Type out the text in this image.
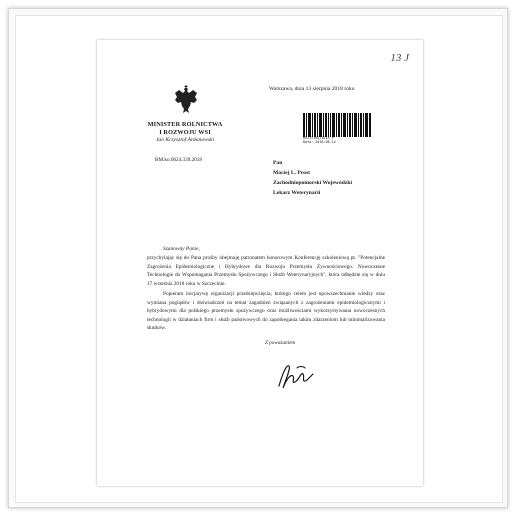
13 J
MINISTER ROLNICTWA
I ROZWOJU WSI
Jan Krzysztof Ardanowski
BM.ko.0624.339.2018
Warszawa, dnia 13 sierpnia 2018 roku
RRJ7X104/2018 P
Data: 2018-08-14
Pan
Maciej L. Prost
Zachodniopomorski Wojewódzki
Lekarz Weterynarii
Szanowny Panie,

przychylając się do Pana prośby obejmuję patronatem honorowym Konferencję szkoleniową pt. "Potencjalne Zagrożenia Epidemiologiczne i Hybrydowe dla Rozwoju Przemysłu Żywnościowego. Nowoczesne Technologie do Wspomagania Przemysłu Spożywczego i Służb Weterynaryjnych", która odbędzie się w dniu 17 września 2018 roku w Szczecinie.

Popieram inicjatywę organizacji przedsięwzięcia, którego celem jest upowszechnianie wiedzy oraz wymiana poglądów i doświadczeń na temat zagadnień związanych z zagrożeniami epidemiologicznymi i hybrydowymi dla polskiego przemysłu spożywczego oraz możliwościami wykorzystywania nowoczesnych technologii w działaniach firm i służb państwowych do zapobiegania takim zdarzeniom lub minimalizowania skutków.

Z poważaniem
